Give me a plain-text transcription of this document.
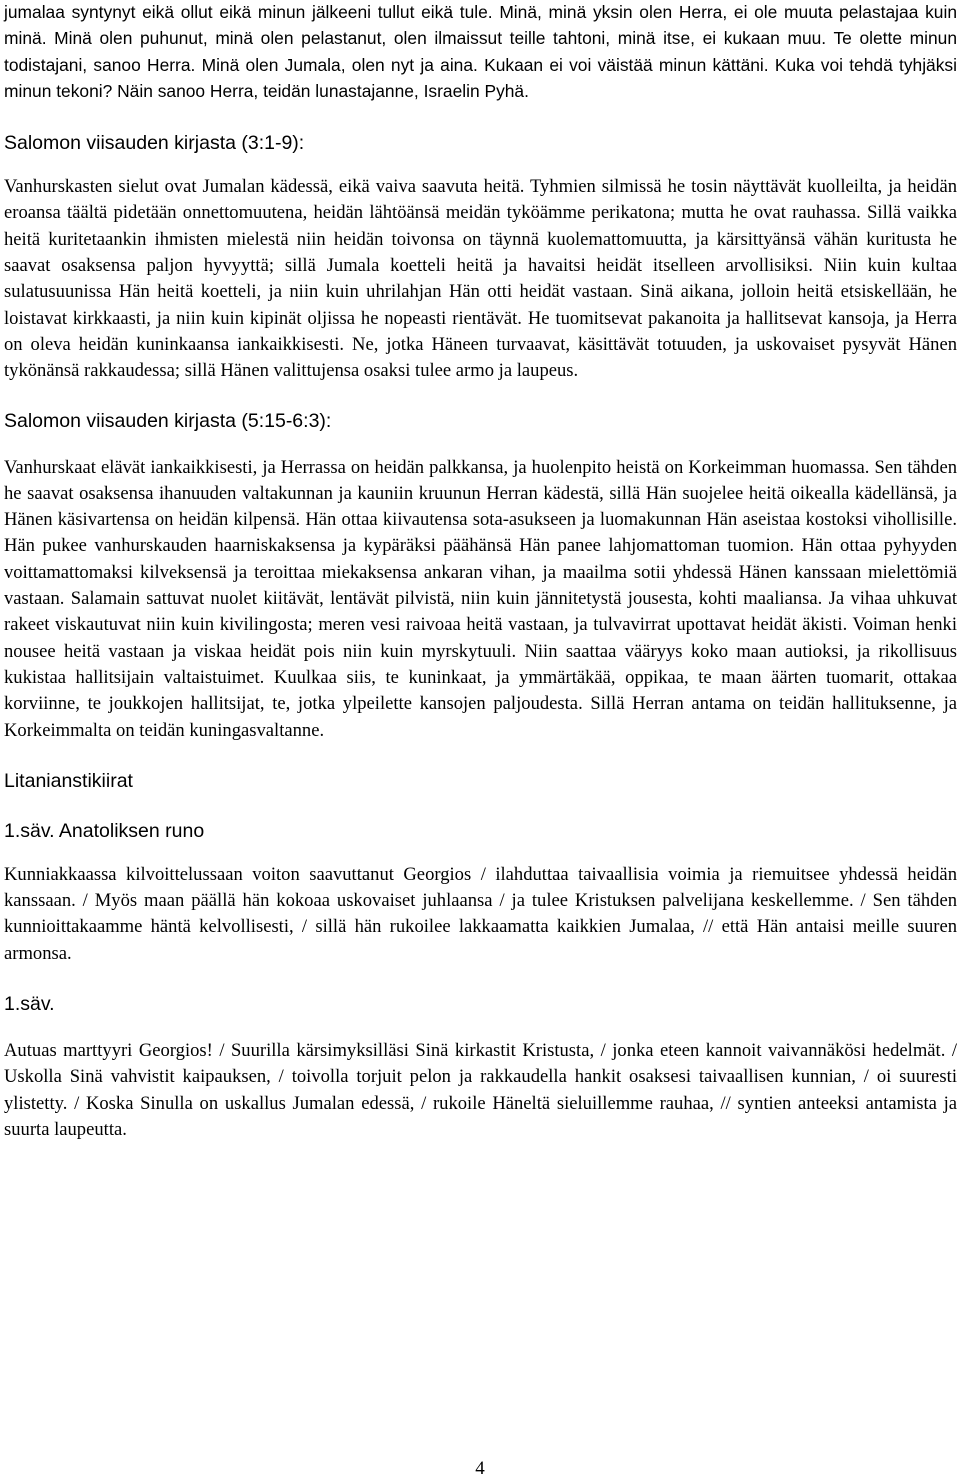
jumalaa syntynyt eikä ollut eikä minun jälkeeni tullut eikä tule. Minä, minä yksin olen Herra, ei ole muuta pelastajaa kuin minä. Minä olen puhunut, minä olen pelastanut, olen ilmaissut teille tahtoni, minä itse, ei kukaan muu. Te olette minun todistajani, sanoo Herra. Minä olen Jumala, olen nyt ja aina. Kukaan ei voi väistää minun kättäni. Kuka voi tehdä tyhjäksi minun tekoni? Näin sanoo Herra, teidän lunastajanne, Israelin Pyhä.

Salomon viisauden kirjasta (3:1-9):

Vanhurskasten sielut ovat Jumalan kädessä, eikä vaiva saavuta heitä. Tyhmien silmissä he tosin näyttävät kuolleilta, ja heidän eroansa täältä pidetään onnettomuutena, heidän lähtöänsä meidän tyköämme perikatona; mutta he ovat rauhassa. Sillä vaikka heitä kuritetaankin ihmisten mielestä niin heidän toivonsa on täynnä kuolemattomuutta, ja kärsittyänsä vähän kuritusta he saavat osaksensa paljon hyvyyttä; sillä Jumala koetteli heitä ja havaitsi heidät itselleen arvollisiksi. Niin kuin kultaa sulatusuunissa Hän heitä koetteli, ja niin kuin uhrilahjan Hän otti heidät vastaan. Sinä aikana, jolloin heitä etsiskellään, he loistavat kirkkaasti, ja niin kuin kipinät oljissa he nopeasti rientävät. He tuomitsevat pakanoita ja hallitsevat kansoja, ja Herra on oleva heidän kuninkaansa iankaikkisesti. Ne, jotka Häneen turvaavat, käsittävät totuuden, ja uskovaiset pysyvät Hänen tykönänsä rakkaudessa; sillä Hänen valittujensa osaksi tulee armo ja laupeus.

Salomon viisauden kirjasta (5:15-6:3):

Vanhurskaat elävät iankaikkisesti, ja Herrassa on heidän palkkansa, ja huolenpito heistä on Korkeimman huomassa. Sen tähden he saavat osaksensa ihanuuden valtakunnan ja kauniin kruunun Herran kädestä, sillä Hän suojelee heitä oikealla kädellänsä, ja Hänen käsivartensa on heidän kilpensä. Hän ottaa kiivautensa sota-asukseen ja luomakunnan Hän aseistaa kostoksi vihollisille. Hän pukee vanhurskauden haarniskaksensa ja kypäräksi päähänsä Hän panee lahjomattoman tuomion. Hän ottaa pyhyyden voittamattomaksi kilveksensä ja teroittaa miekaksensa ankaran vihan, ja maailma sotii yhdessä Hänen kanssaan mielettömiä vastaan. Salamain sattuvat nuolet kiitävät, lentävät pilvistä, niin kuin jännitetystä jousesta, kohti maaliansa. Ja vihaa uhkuvat rakeet viskautuvat niin kuin kivilingosta; meren vesi raivoaa heitä vastaan, ja tulvavirrat upottavat heidät äkisti. Voiman henki nousee heitä vastaan ja viskaa heidät pois niin kuin myrskytuuli. Niin saattaa vääryys koko maan autioksi, ja rikollisuus kukistaa hallitsijain valtaistuimet. Kuulkaa siis, te kuninkaat, ja ymmärtäkää, oppikaa, te maan äärten tuomarit, ottakaa korviinne, te joukkojen hallitsijat, te, jotka ylpeilette kansojen paljoudesta. Sillä Herran antama on teidän hallituksenne, ja Korkeimmalta on teidän kuningasvaltanne.

Litanianstikiirat
1.säv. Anatoliksen runo

Kunniakkaassa kilvoittelussaan voiton saavuttanut Georgios / ilahduttaa taivaallisia voimia ja riemuitsee yhdessä heidän kanssaan. / Myös maan päällä hän kokoaa uskovaiset juhlaansa / ja tulee Kristuksen palvelijana keskellemme. / Sen tähden kunnioittakaamme häntä kelvollisesti, / sillä hän rukoilee lakkaamatta kaikkien Jumalaa, // että Hän antaisi meille suuren armonsa.

1.säv.

Autuas marttyyri Georgios! / Suurilla kärsimyksilläsi Sinä kirkastit Kristusta, / jonka eteen kannoit vaivannäkösi hedelmät. / Uskolla Sinä vahvistit kaipauksen, / toivolla torjuit pelon ja rakkaudella hankit osaksesi taivaallisen kunnian, / oi suuresti ylistetty. / Koska Sinulla on uskallus Jumalan edessä, / rukoile Häneltä sieluillemme rauhaa, // syntien anteeksi antamista ja suurta laupeutta.

4
